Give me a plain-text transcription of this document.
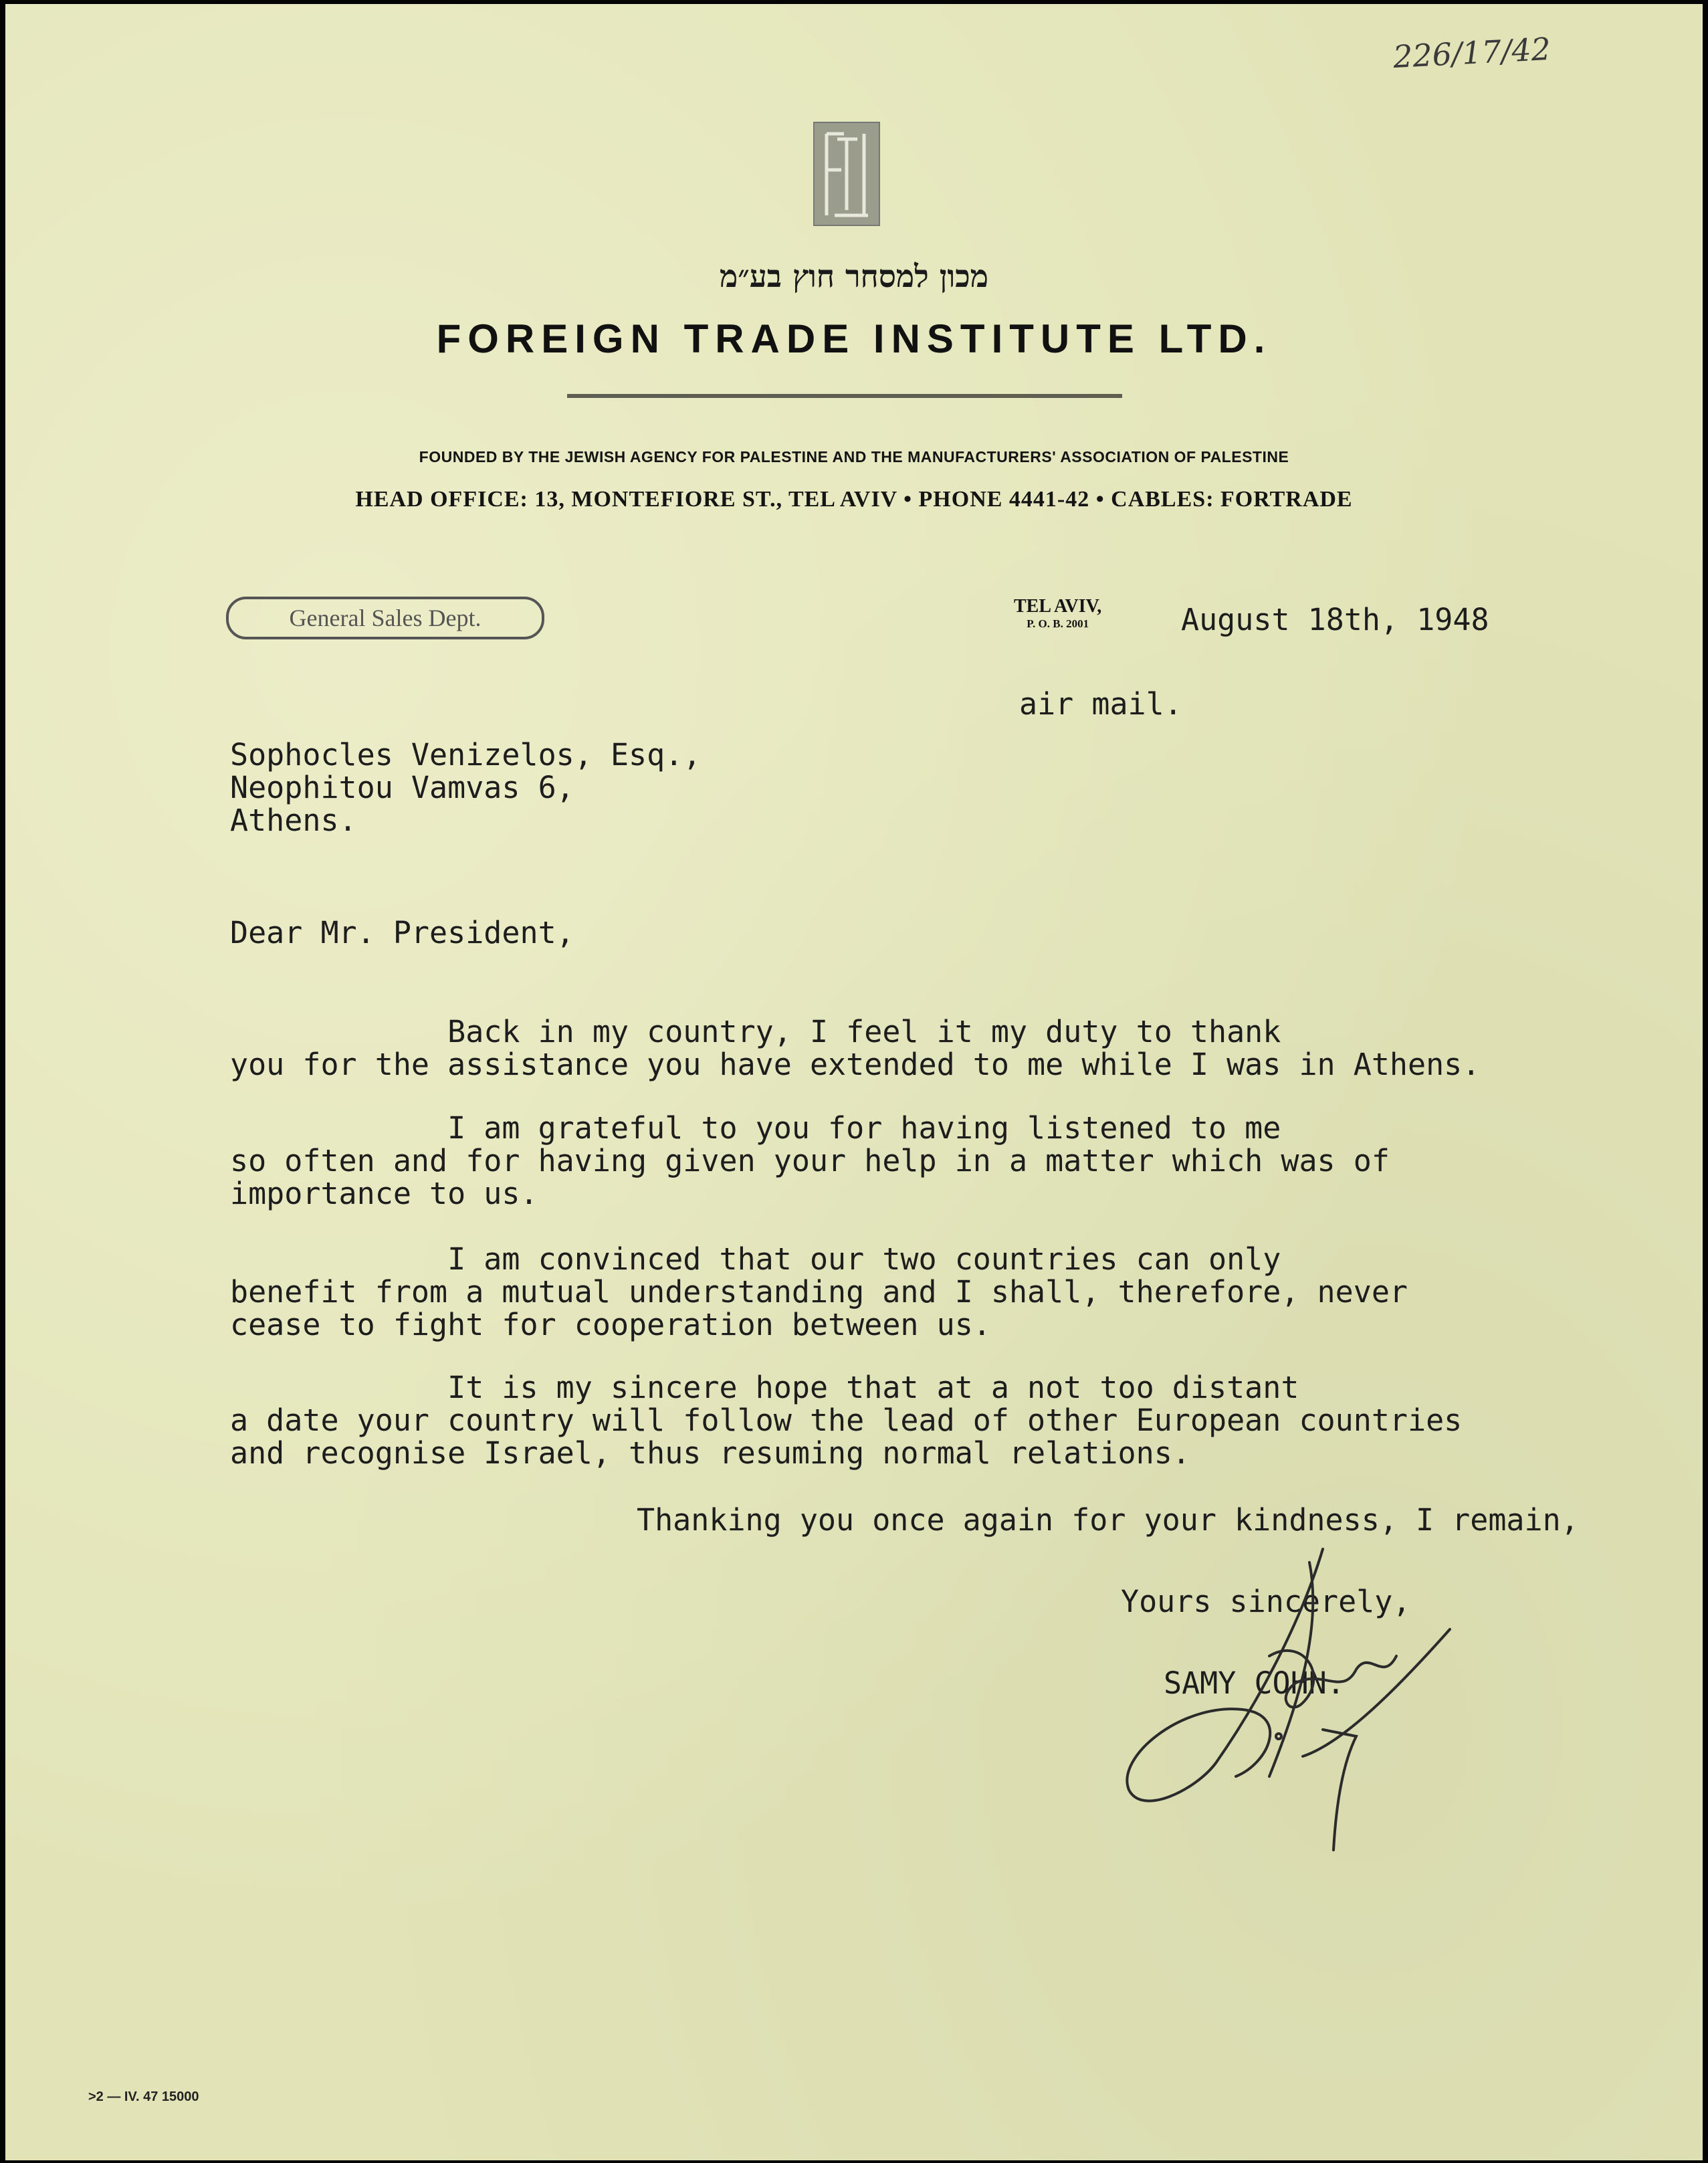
226/17/42
מכון למסחר חוץ בע״מ
FOREIGN TRADE INSTITUTE LTD.
FOUNDED BY THE JEWISH AGENCY FOR PALESTINE AND THE MANUFACTURERS' ASSOCIATION OF PALESTINE
HEAD OFFICE: 13, MONTEFIORE ST., TEL AVIV • PHONE 4441-42 • CABLES: FORTRADE
General Sales Dept.	TEL AVIV,
P. O. B. 2001	August 18th, 1948
air mail.
Sophocles Venizelos, Esq.,
Neophitou Vamvas 6,
Athens.
Dear Mr. President,
Back in my country, I feel it my duty to thank
you for the assistance you have extended to me while I was in Athens.
I am grateful to you for having listened to me
so often and for having given your help in a matter which was of
importance to us.
I am convinced that our two countries can only
benefit from a mutual understanding and I shall, therefore, never
cease to fight for cooperation between us.
It is my sincere hope that at a not too distant
a date your country will follow the lead of other European countries
and recognise Israel, thus resuming normal relations.
Thanking you once again for your kindness, I remain,
Yours sincerely,
SAMY COHN.
>2 — IV. 47 15000
